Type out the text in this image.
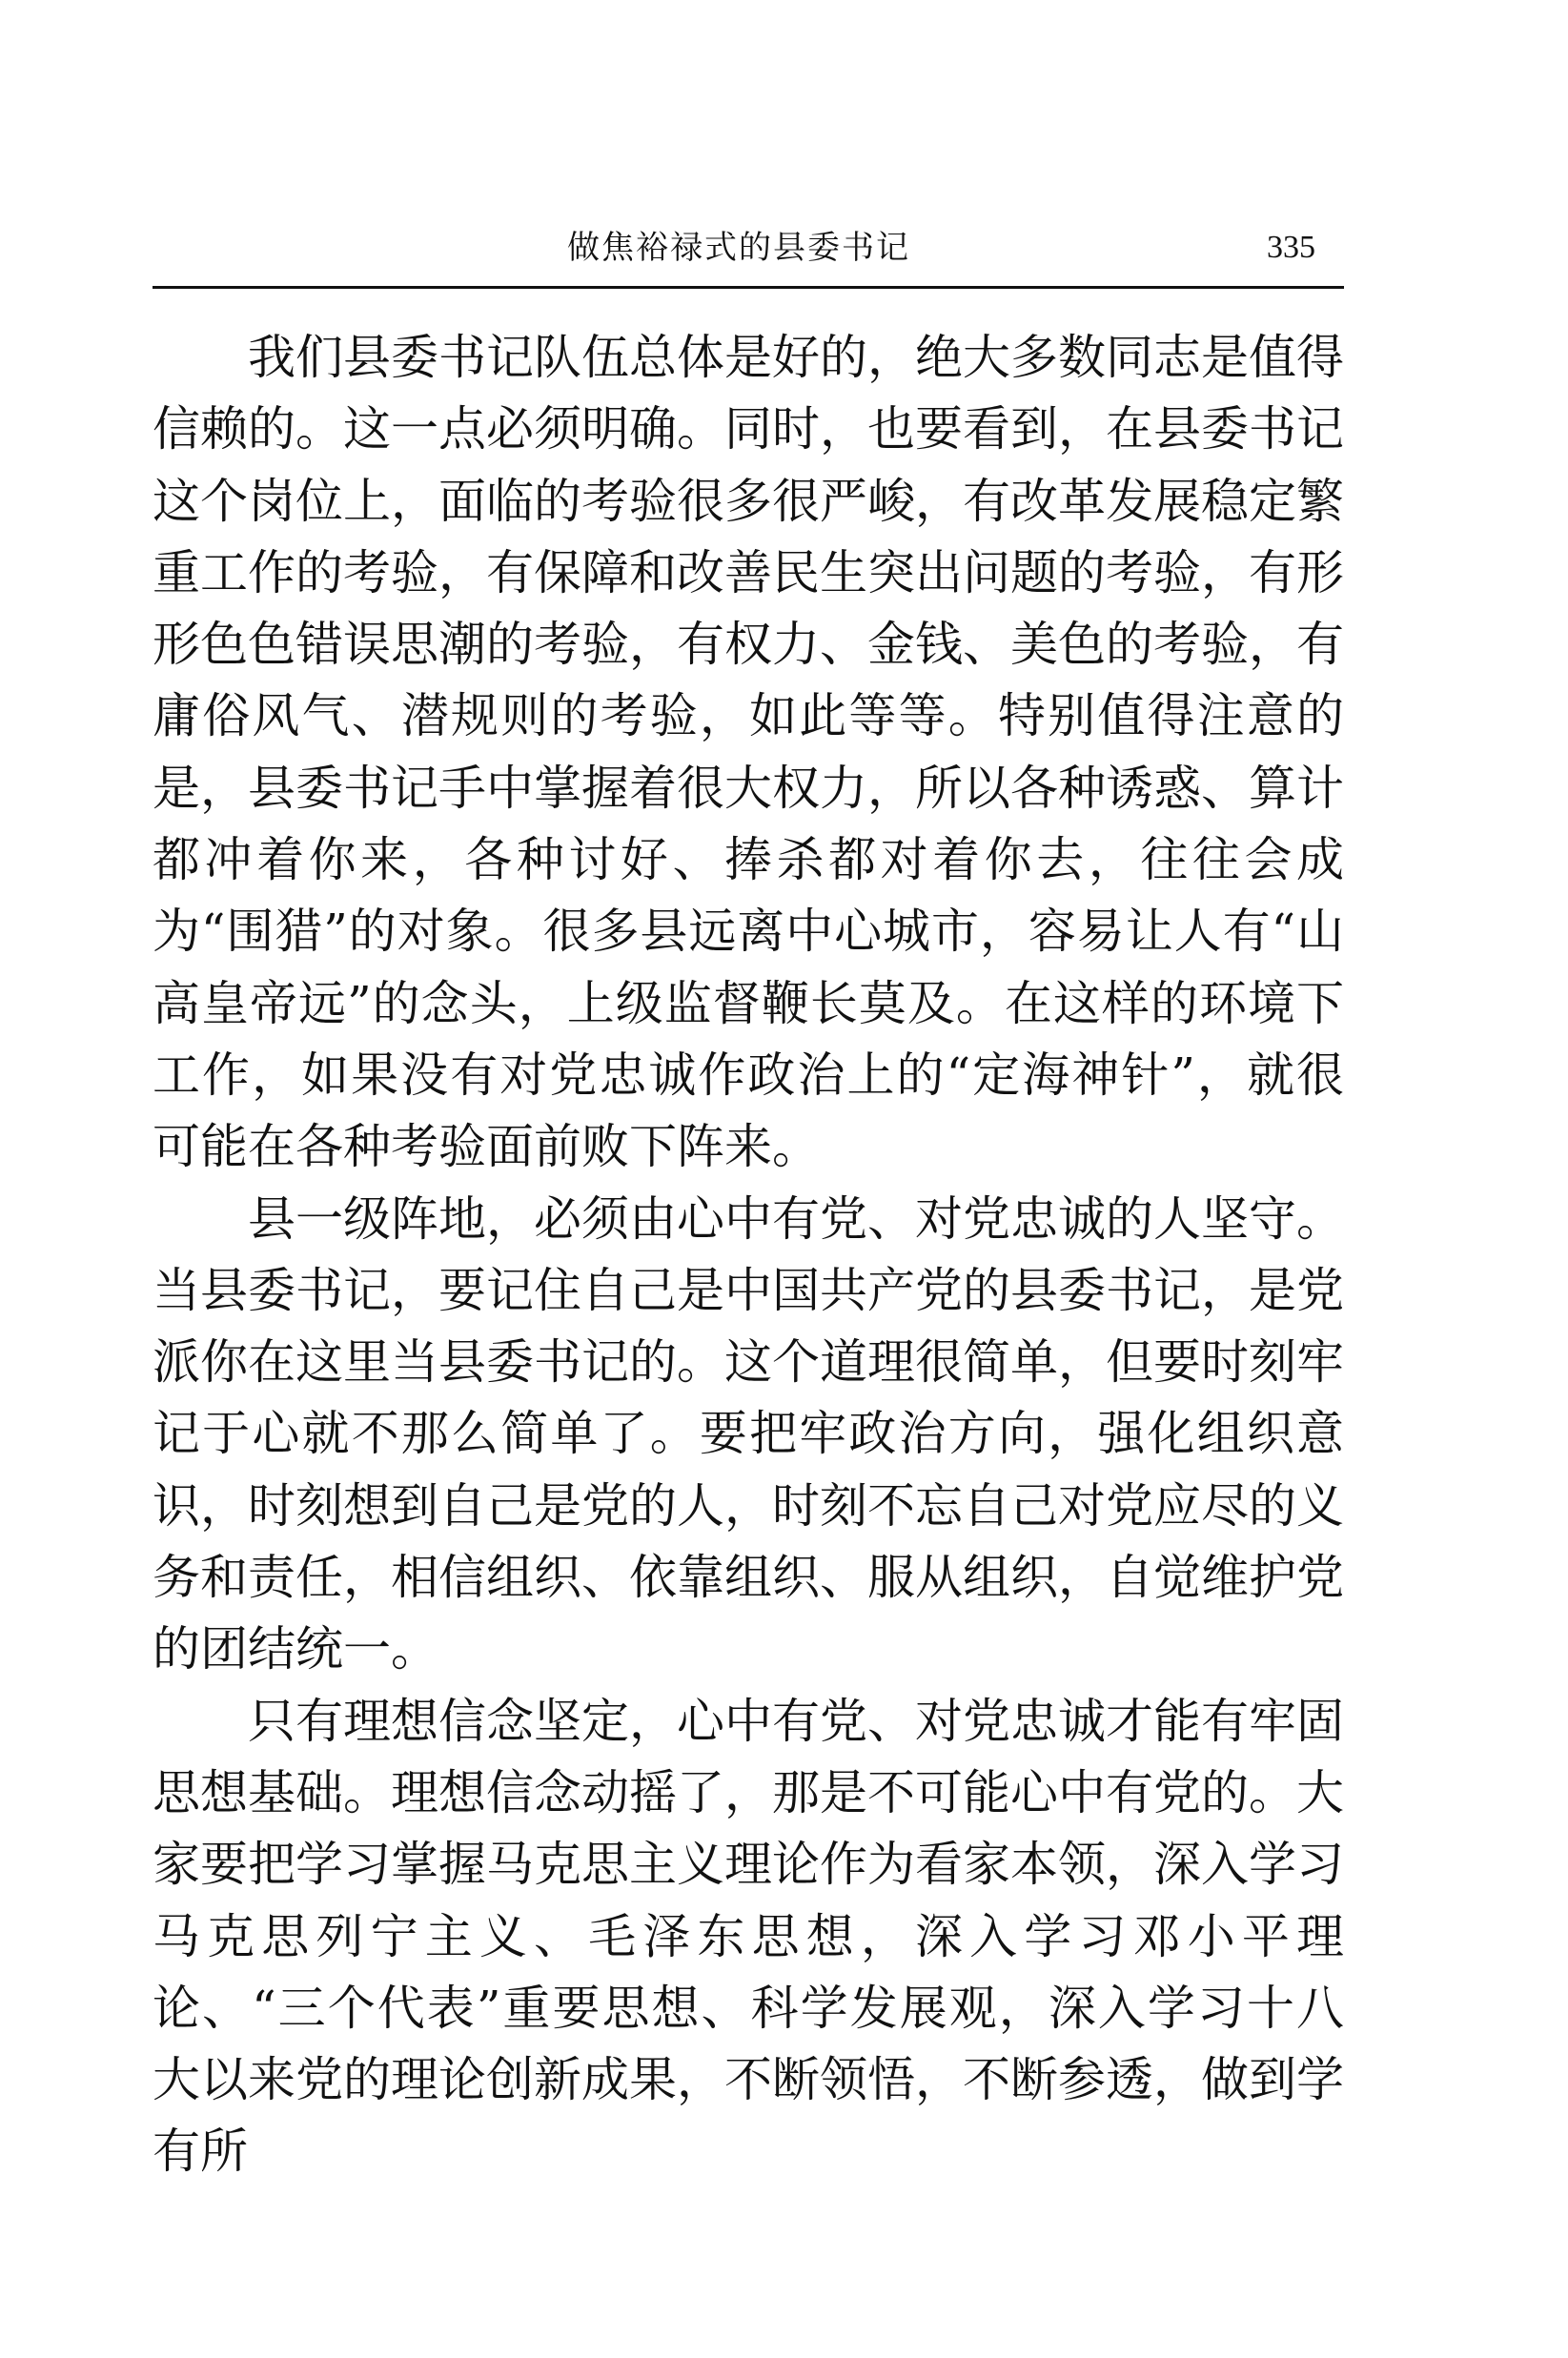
做焦裕禄式的县委书记	335

我们县委书记队伍总体是好的，绝大多数同志是值得信赖的。这一点必须明确。同时，也要看到，在县委书记这个岗位上，面临的考验很多很严峻，有改革发展稳定繁重工作的考验，有保障和改善民生突出问题的考验，有形形色色错误思潮的考验，有权力、金钱、美色的考验，有庸俗风气、潜规则的考验，如此等等。特别值得注意的是，县委书记手中掌握着很大权力，所以各种诱惑、算计都冲着你来，各种讨好、捧杀都对着你去，往往会成为“围猎”的对象。很多县远离中心城市，容易让人有“山高皇帝远”的念头，上级监督鞭长莫及。在这样的环境下工作，如果没有对党忠诚作政治上的“定海神针”，就很可能在各种考验面前败下阵来。

县一级阵地，必须由心中有党、对党忠诚的人坚守。当县委书记，要记住自己是中国共产党的县委书记，是党派你在这里当县委书记的。这个道理很简单，但要时刻牢记于心就不那么简单了。要把牢政治方向，强化组织意识，时刻想到自己是党的人，时刻不忘自己对党应尽的义务和责任，相信组织、依靠组织、服从组织，自觉维护党的团结统一。

只有理想信念坚定，心中有党、对党忠诚才能有牢固思想基础。理想信念动摇了，那是不可能心中有党的。大家要把学习掌握马克思主义理论作为看家本领，深入学习马克思列宁主义、毛泽东思想，深入学习邓小平理论、“三个代表”重要思想、科学发展观，深入学习十八大以来党的理论创新成果，不断领悟，不断参透，做到学有所
